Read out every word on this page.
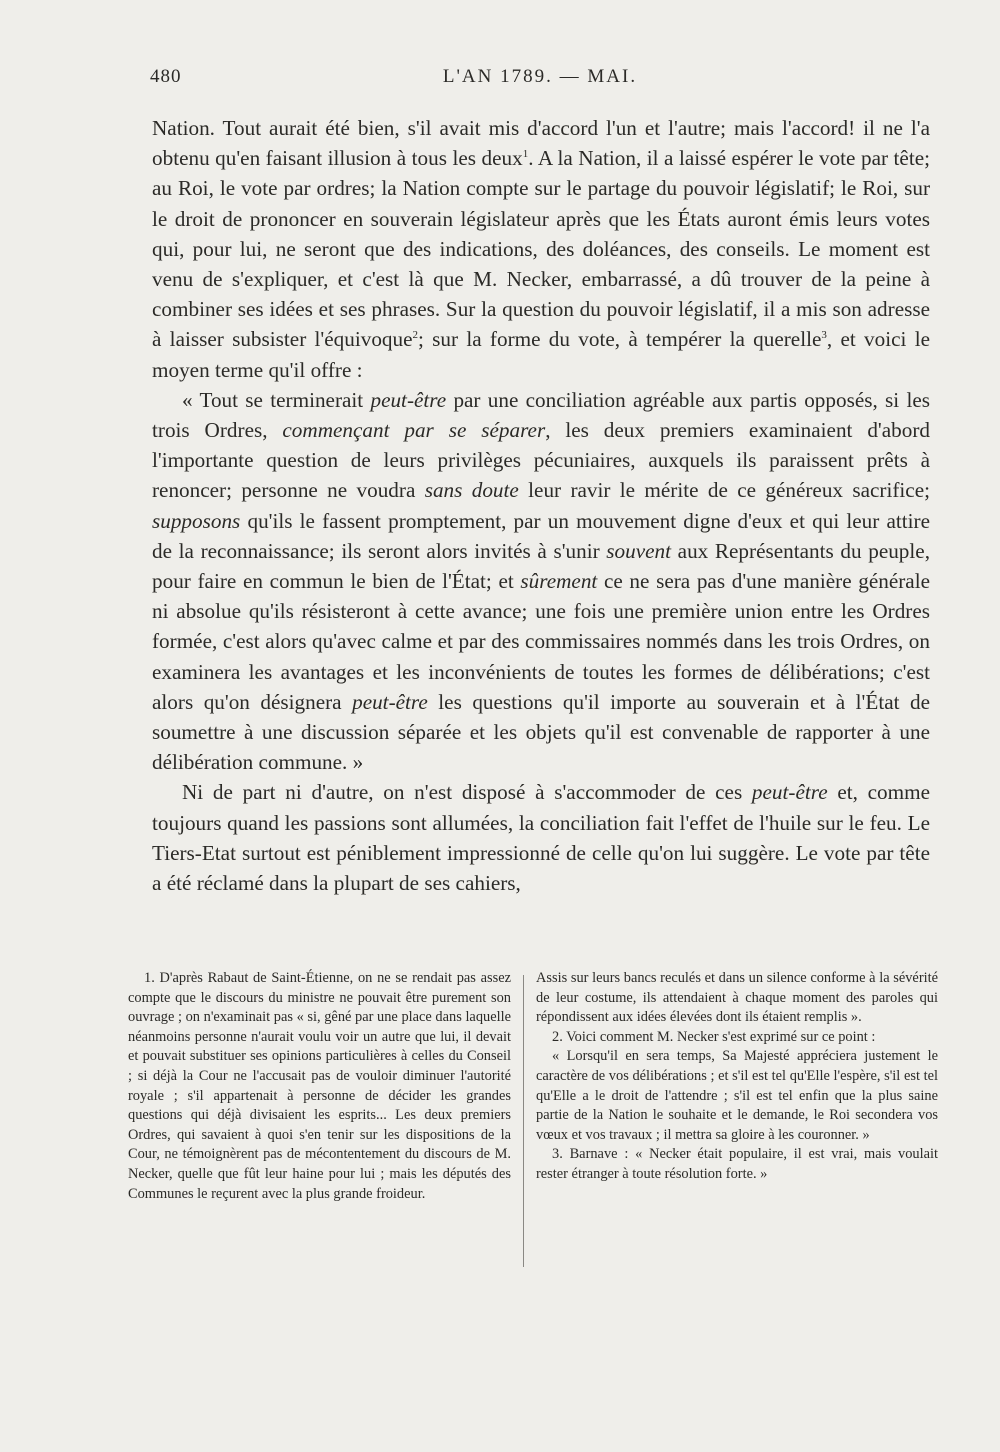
480	L'AN 1789. — MAI.

Nation. Tout aurait été bien, s'il avait mis d'accord l'un et l'autre; mais l'accord! il ne l'a obtenu qu'en faisant illusion à tous les deux$^1$. A la Nation, il a laissé espérer le vote par tête; au Roi, le vote par ordres; la Nation compte sur le partage du pouvoir législatif; le Roi, sur le droit de prononcer en souverain législateur après que les États auront émis leurs votes qui, pour lui, ne seront que des indications, des doléances, des conseils. Le moment est venu de s'expliquer, et c'est là que M. Necker, embarrassé, a dû trouver de la peine à combiner ses idées et ses phrases. Sur la question du pouvoir législatif, il a mis son adresse à laisser subsister l'équivoque$^2$; sur la forme du vote, à tempérer la querelle$^3$, et voici le moyen terme qu'il offre :

« Tout se terminerait peut-être par une conciliation agréable aux partis opposés, si les trois Ordres, commençant par se séparer, les deux premiers examinaient d'abord l'importante question de leurs privilèges pécuniaires, auxquels ils paraissent prêts à renoncer; personne ne voudra sans doute leur ravir le mérite de ce généreux sacrifice; supposons qu'ils le fassent promptement, par un mouvement digne d'eux et qui leur attire de la reconnaissance; ils seront alors invités à s'unir souvent aux Représentants du peuple, pour faire en commun le bien de l'État; et sûrement ce ne sera pas d'une manière générale ni absolue qu'ils résisteront à cette avance; une fois une première union entre les Ordres formée, c'est alors qu'avec calme et par des commissaires nommés dans les trois Ordres, on examinera les avantages et les inconvénients de toutes les formes de délibérations; c'est alors qu'on désignera peut-être les questions qu'il importe au souverain et à l'État de soumettre à une discussion séparée et les objets qu'il est convenable de rapporter à une délibération commune. »

Ni de part ni d'autre, on n'est disposé à s'accommoder de ces peut-être et, comme toujours quand les passions sont allumées, la conciliation fait l'effet de l'huile sur le feu. Le Tiers-Etat surtout est péniblement impressionné de celle qu'on lui suggère. Le vote par tête a été réclamé dans la plupart de ses cahiers,

1. D'après Rabaut de Saint-Étienne, on ne se rendait pas assez compte que le discours du ministre ne pouvait être purement son ouvrage ; on n'examinait pas « si, gêné par une place dans laquelle néanmoins personne n'aurait voulu voir un autre que lui, il devait et pouvait substituer ses opinions particulières à celles du Conseil ; si déjà la Cour ne l'accusait pas de vouloir diminuer l'autorité royale ; s'il appartenait à personne de décider les grandes questions qui déjà divisaient les esprits... Les deux premiers Ordres, qui savaient à quoi s'en tenir sur les dispositions de la Cour, ne témoignèrent pas de mécontentement du discours de M. Necker, quelle que fût leur haine pour lui ; mais les députés des Communes le reçurent avec la plus grande froideur.

Assis sur leurs bancs reculés et dans un silence conforme à la sévérité de leur costume, ils attendaient à chaque moment des paroles qui répondissent aux idées élevées dont ils étaient remplis ».

2. Voici comment M. Necker s'est exprimé sur ce point :

« Lorsqu'il en sera temps, Sa Majesté appréciera justement le caractère de vos délibérations ; et s'il est tel qu'Elle l'espère, s'il est tel qu'Elle a le droit de l'attendre ; s'il est tel enfin que la plus saine partie de la Nation le souhaite et le demande, le Roi secondera vos vœux et vos travaux ; il mettra sa gloire à les couronner. »

3. Barnave : « Necker était populaire, il est vrai, mais voulait rester étranger à toute résolution forte. »
